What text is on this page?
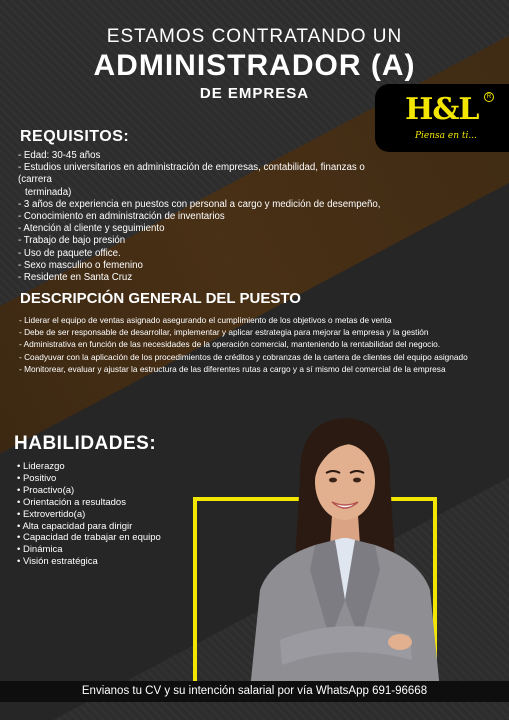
ESTAMOS CONTRATANDO UN
ADMINISTRADOR (A)
DE EMPRESA	H&L	R
Piensa en ti...
REQUISITOS:
- Edad: 30-45 años
- Estudios universitarios en administración de empresas, contabilidad, finanzas o (carrera
terminada)
- 3 años de experiencia en puestos con personal a cargo y medición de desempeño,
- Conocimiento en administración de inventarios
- Atención al cliente y seguimiento
- Trabajo de bajo presión
- Uso de paquete office.
- Sexo masculino o femenino
- Residente en Santa Cruz
DESCRIPCIÓN GENERAL DEL PUESTO
- Liderar el equipo de ventas asignado asegurando el cumplimiento de los objetivos o metas de venta
- Debe de ser responsable de desarrollar, implementar y aplicar estrategia para mejorar la empresa y la gestión
- Administrativa en función de las necesidades de la operación comercial, manteniendo la rentabilidad del negocio.
- Coadyuvar con la aplicación de los procedimientos de créditos y cobranzas de la cartera de clientes del equipo asignado
- Monitorear, evaluar y ajustar la estructura de las diferentes rutas a cargo y a sí mismo del comercial de la empresa
HABILIDADES:
• Liderazgo
• Positivo
• Proactivo(a)
• Orientación a resultados
• Extrovertido(a)
• Alta capacidad para dirigir
• Capacidad de trabajar en equipo
• Dinámica
• Visión estratégica
Envianos tu CV y su intención salarial por vía WhatsApp 691-96668
